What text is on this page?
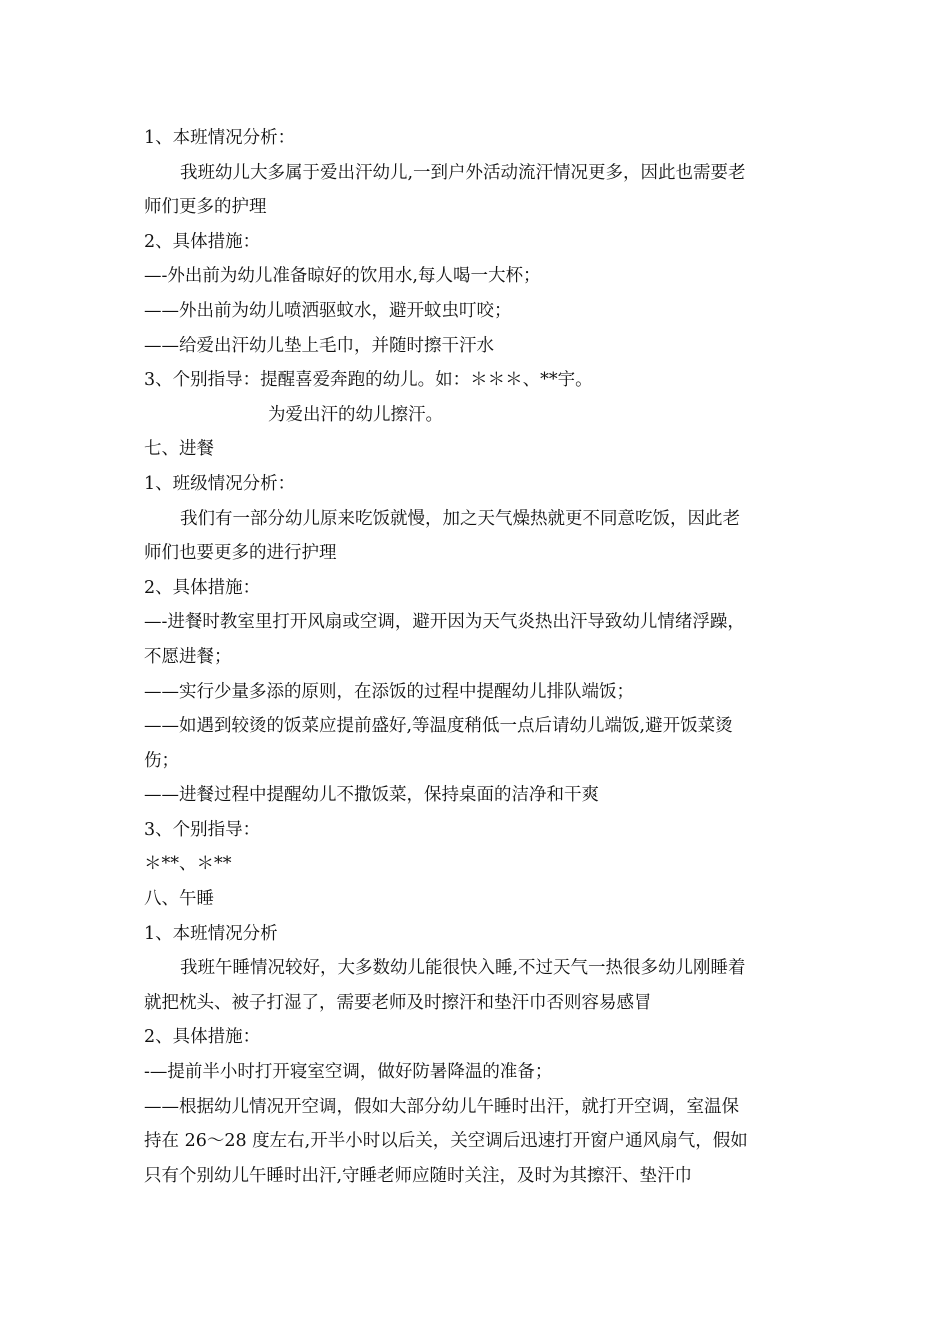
1、本班情况分析：
我班幼儿大多属于爱出汗幼儿,一到户外活动流汗情况更多，因此也需要老
师们更多的护理
2、具体措施：
—-外出前为幼儿准备晾好的饮用水,每人喝一大杯；
——外出前为幼儿喷洒驱蚊水，避开蚊虫叮咬；
——给爱出汗幼儿垫上毛巾，并随时擦干汗水
3、个别指导：提醒喜爱奔跑的幼儿。如：＊＊＊、**宇。
为爱出汗的幼儿擦汗。
七、进餐
1、班级情况分析：
我们有一部分幼儿原来吃饭就慢，加之天气燥热就更不同意吃饭，因此老
师们也要更多的进行护理
2、具体措施：
—-进餐时教室里打开风扇或空调，避开因为天气炎热出汗导致幼儿情绪浮躁，
不愿进餐；
——实行少量多添的原则，在添饭的过程中提醒幼儿排队端饭；
——如遇到较烫的饭菜应提前盛好,等温度稍低一点后请幼儿端饭,避开饭菜烫
伤；
——进餐过程中提醒幼儿不撒饭菜，保持桌面的洁净和干爽
3、个别指导：
＊**、＊**
八、午睡
1、本班情况分析
我班午睡情况较好，大多数幼儿能很快入睡,不过天气一热很多幼儿刚睡着
就把枕头、被子打湿了，需要老师及时擦汗和垫汗巾否则容易感冒
2、具体措施：
-—提前半小时打开寝室空调，做好防暑降温的准备；
——根据幼儿情况开空调，假如大部分幼儿午睡时出汗，就打开空调，室温保
持在 26～28 度左右,开半小时以后关，关空调后迅速打开窗户通风扇气，假如
只有个别幼儿午睡时出汗,守睡老师应随时关注，及时为其擦汗、垫汗巾
